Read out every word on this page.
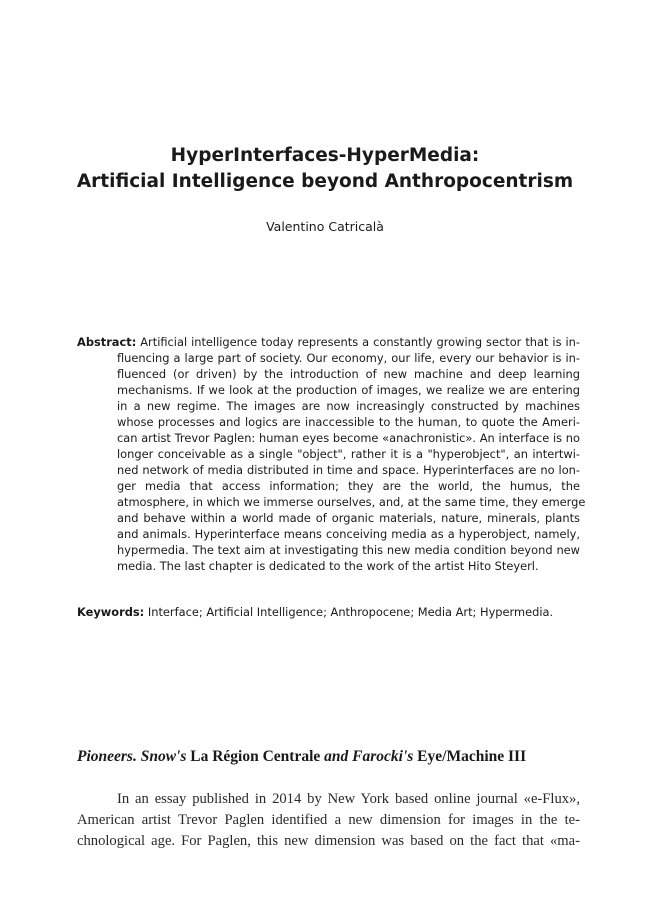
HyperInterfaces-HyperMedia:
Artificial Intelligence beyond Anthropocentrism

Valentino Catricalà

Abstract: Artificial intelligence today represents a constantly growing sector that is in-
fluencing a large part of society. Our economy, our life, every our behavior is in-
fluenced (or driven) by the introduction of new machine and deep learning
mechanisms. If we look at the production of images, we realize we are entering
in a new regime. The images are now increasingly constructed by machines
whose processes and logics are inaccessible to the human, to quote the Ameri-
can artist Trevor Paglen: human eyes become «anachronistic». An interface is no
longer conceivable as a single "object", rather it is a "hyperobject", an intertwi-
ned network of media distributed in time and space. Hyperinterfaces are no lon-
ger media that access information; they are the world, the humus, the
atmosphere, in which we immerse ourselves, and, at the same time, they emerge
and behave within a world made of organic materials, nature, minerals, plants
and animals. Hyperinterface means conceiving media as a hyperobject, namely,
hypermedia. The text aim at investigating this new media condition beyond new
media. The last chapter is dedicated to the work of the artist Hito Steyerl.

Keywords: Interface; Artificial Intelligence; Anthropocene; Media Art; Hypermedia.

Pioneers. Snow's La Région Centrale and Farocki's Eye/Machine III
In an essay published in 2014 by New York based online journal «e-Flux»,
American artist Trevor Paglen identified a new dimension for images in the te-
chnological age. For Paglen, this new dimension was based on the fact that «ma-
